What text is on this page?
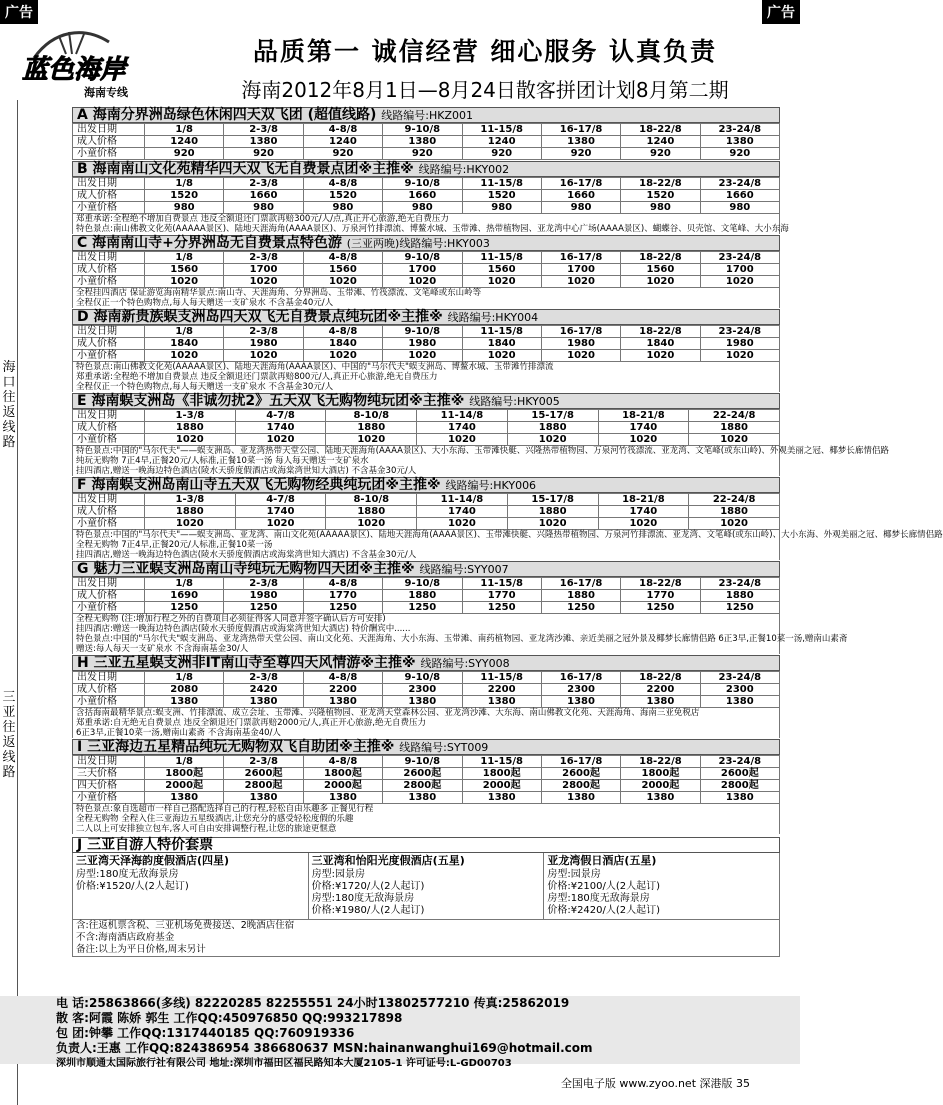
广告	广告
蓝色海岸
海南专线
品质第一 诚信经营 细心服务 认真负责
海南2012年8月1日—8月24日散客拼团计划8月第二期
海口往返线路
三亚往返线路
A 海南分界洲岛绿色休闲四天双飞团 (超值线路) 线路编号:HKZ001
出发日期	1/8	2-3/8	4-8/8	9-10/8	11-15/8	16-17/8	18-22/8	23-24/8
成人价格	1240	1380	1240	1380	1240	1380	1240	1380
小童价格	920	920	920	920	920	920	920	920
B 海南南山文化苑精华四天双飞无自费景点团※主推※ 线路编号:HKY002
出发日期	1/8	2-3/8	4-8/8	9-10/8	11-15/8	16-17/8	18-22/8	23-24/8
成人价格	1520	1660	1520	1660	1520	1660	1520	1660
小童价格	980	980	980	980	980	980	980	980
郑重承诺:全程绝不增加自费景点 违反全额退还门票款再赔300元/人/点,真正开心旅游,绝无自费压力
特色景点:南山佛教文化苑(AAAAA景区)、陆地天涯海角(AAAA景区)、万泉河竹排漂流、博鳌水城、玉带滩、热带植物园、亚龙湾中心广场(AAAA景区)、蝴蝶谷、贝壳馆、文笔峰、大小东海
C 海南南山寺+分界洲岛无自费景点特色游 (三亚两晚)线路编号:HKY003
出发日期	1/8	2-3/8	4-8/8	9-10/8	11-15/8	16-17/8	18-22/8	23-24/8
成人价格	1560	1700	1560	1700	1560	1700	1560	1700
小童价格	1020	1020	1020	1020	1020	1020	1020	1020
全程挂四酒店 保证游览海南精华景点:南山寺、天涯海角、分界洲岛、玉带滩、竹筏漂流、文笔峰或东山岭等
全程仅正一个特色购物点,每人每天赠送一支矿泉水 不含基金40元/人
D 海南新贵族蜈支洲岛四天双飞无自费景点纯玩团※主推※ 线路编号:HKY004
出发日期	1/8	2-3/8	4-8/8	9-10/8	11-15/8	16-17/8	18-22/8	23-24/8
成人价格	1840	1980	1840	1980	1840	1980	1840	1980
小童价格	1020	1020	1020	1020	1020	1020	1020	1020
特色景点:南山佛教文化苑(AAAAA景区)、陆地天涯海角(AAAA景区)、中国的"马尔代夫"蜈支洲岛、博鳌水城、玉带滩竹排漂流
郑重承诺:全程绝不增加自费景点 违反全额退还门票款再赔800元/人,真正开心旅游,绝无自费压力
全程仅正一个特色购物点,每人每天赠送一支矿泉水 不含基金30元/人
E 海南蜈支洲岛《非诚勿扰2》五天双飞无购物纯玩团※主推※ 线路编号:HKY005
出发日期	1-3/8	4-7/8	8-10/8	11-14/8	15-17/8	18-21/8	22-24/8
成人价格	1880	1740	1880	1740	1880	1740	1880
小童价格	1020	1020	1020	1020	1020	1020	1020
特色景点:中国的"马尔代夫"——蜈支洲岛、亚龙湾热带天堂公园、陆地天涯海角(AAAA景区)、大小东海、玉带滩快艇、兴隆热带植物园、万泉河竹筏漂流、亚龙湾、文笔峰(或东山岭)、外观美丽之冠、椰梦长廊情侣路
纯玩无购物 7正4早,正餐20元/人标准,正餐10菜一汤 每人每天赠送一支矿泉水
挂四酒店,赠送一晚海边特色酒店(陵水天骄度假酒店或海棠湾世知大酒店) 不含基金30元/人
F 海南蜈支洲岛南山寺五天双飞无购物经典纯玩团※主推※ 线路编号:HKY006
出发日期	1-3/8	4-7/8	8-10/8	11-14/8	15-17/8	18-21/8	22-24/8
成人价格	1880	1740	1880	1740	1880	1740	1880
小童价格	1020	1020	1020	1020	1020	1020	1020
特色景点:中国的"马尔代夫"——蜈支洲岛、亚龙湾、南山文化苑(AAAAA景区)、陆地天涯海角(AAAA景区)、玉带滩快艇、兴隆热带植物园、万泉河竹排漂流、亚龙湾、文笔峰(或东山岭)、大小东海、外观美丽之冠、椰梦长廊情侣路
全程无购物 7正4早,正餐20元/人标准,正餐10菜一汤
挂四酒店,赠送一晚海边特色酒店(陵水天骄度假酒店或海棠湾世知大酒店) 不含基金30元/人
G 魅力三亚蜈支洲岛南山寺纯玩无购物四天团※主推※ 线路编号:SYY007
出发日期	1/8	2-3/8	4-8/8	9-10/8	11-15/8	16-17/8	18-22/8	23-24/8
成人价格	1690	1980	1770	1880	1770	1880	1770	1880
小童价格	1250	1250	1250	1250	1250	1250	1250	1250
全程无购物 (注:增加行程之外的自费项目必须征得客人同意并签字确认后方可安排)
挂四酒店:赠送一晚海边特色酒店(陵水天骄度假酒店或海棠湾世知大酒店) 特价酬宾中......
特色景点:中国的"马尔代夫"蜈支洲岛、亚龙湾热带天堂公园、南山文化苑、天涯海角、大小东海、玉带滩、南药植物园、亚龙湾沙滩、亲近美丽之冠外景及椰梦长廊情侣路 6正3早,正餐10菜一汤,赠南山素斋
赠送:每人每天一支矿泉水 不含海南基金30/人
H 三亚五星蜈支洲非IT南山寺至尊四天风情游※主推※ 线路编号:SYY008
出发日期	1/8	2-3/8	4-8/8	9-10/8	11-15/8	16-17/8	18-22/8	23-24/8
成人价格	2080	2420	2200	2300	2200	2300	2200	2300
小童价格	1380	1380	1380	1380	1380	1380	1380	1380
含括海南最精华景点:蜈支洲、竹排漂流、成立会址、玉带滩、兴隆植物园、亚龙湾天堂森林公园、亚龙湾沙滩、大东海、南山佛教文化苑、天涯海角、海南三亚免税店
郑重承诺:自无绝无自费景点 违反全额退还门票款再赔2000元/人,真正开心旅游,绝无自费压力
6正3早,正餐10菜一汤,赠南山素斋 不含海南基金40/人
I 三亚海边五星精品纯玩无购物双飞自助团※主推※ 线路编号:SYT009
出发日期	1/8	2-3/8	4-8/8	9-10/8	11-15/8	16-17/8	18-22/8	23-24/8
三天价格	1800起	2600起	1800起	2600起	1800起	2600起	1800起	2600起
四天价格	2000起	2800起	2000起	2800起	2000起	2800起	2000起	2800起
小童价格	1380	1380	1380	1380	1380	1380	1380	1380
特色景点:象自选超市一样自己搭配选择自己的行程,轻松自由乐趣多 正餐见行程
全程无购物 全程入住三亚海边五星级酒店,让您充分的感受轻松度假的乐趣
二人以上可安排独立包车,客人可自由安排调整行程,让您的旅途更惬意
J 三亚自游人特价套票
三亚湾天泽海韵度假酒店(四星)
房型:180度无敌海景房
价格:¥1520/人(2人起订)
三亚湾和怡阳光度假酒店(五星)
房型:园景房
价格:¥1720/人(2人起订)
房型:180度无敌海景房
价格:¥1980/人(2人起订)
亚龙湾假日酒店(五星)
房型:园景房
价格:¥2100/人(2人起订)
房型:180度无敌海景房
价格:¥2420/人(2人起订)
含:往返机票含税、三亚机场免费接送、2晚酒店住宿
不含:海南酒店政府基金
备注:以上为平日价格,周末另计
电 话:25863866(多线) 82220285 82255551 24小时13802577210 传真:25862019
散 客:阿霞 陈娇 郭生 工作QQ:450976850 QQ:993217898
包 团:钟攀 工作QQ:1317440185 QQ:760919336
负责人:王惠 工作QQ:824386954 386680637 MSN:hainanwanghui169@hotmail.com
深圳市顺通太国际旅行社有限公司 地址:深圳市福田区福民路知本大厦2105-1 许可证号:L-GD00703
全国电子版 www.zyoo.net 深港版 35
